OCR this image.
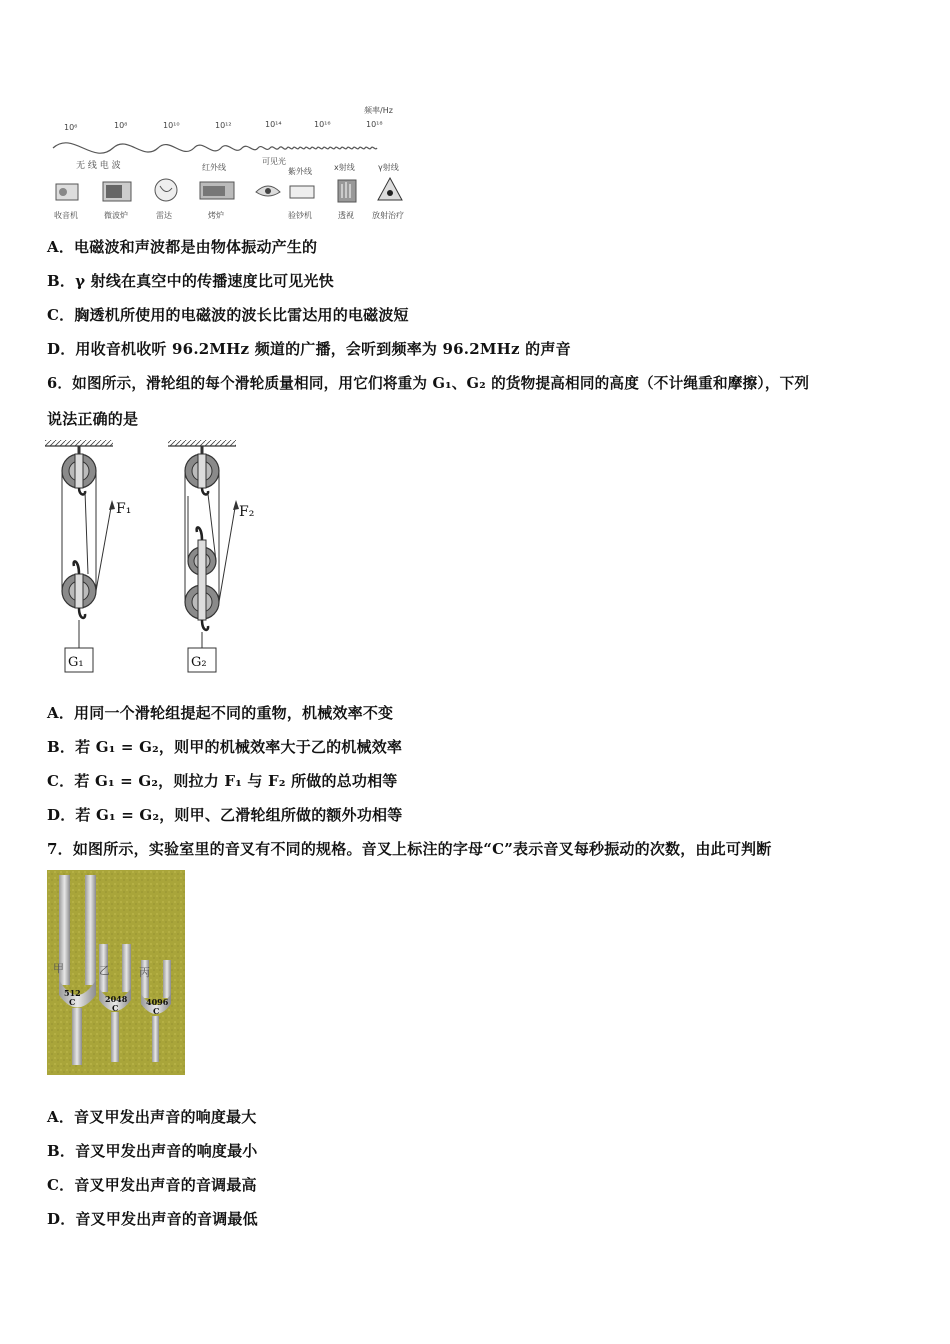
频率/Hz
10⁶	10⁸	10¹⁰	10¹²	10¹⁴	10¹⁶	10¹⁸
无 线 电 波	红外线
可见光
紫外线	x射线	γ射线
收音机	微波炉	雷达	烤炉	验钞机	透视 放射治疗
A．电磁波和声波都是由物体振动产生的
B．γ 射线在真空中的传播速度比可见光快
C．胸透机所使用的电磁波的波长比雷达用的电磁波短
D．用收音机收听 96.2MHz 频道的广播，会听到频率为 96.2MHz 的声音
6．如图所示，滑轮组的每个滑轮质量相同，用它们将重为 G₁、G₂ 的货物提高相同的高度（不计绳重和摩擦），下列
说法正确的是
F₁
G₁
F₂
G₂
A．用同一个滑轮组提起不同的重物，机械效率不变
B．若 G₁ = G₂，则甲的机械效率大于乙的机械效率
C．若 G₁ = G₂，则拉力 F₁ 与 F₂ 所做的总功相等
D．若 G₁ = G₂，则甲、乙滑轮组所做的额外功相等
7．如图所示，实验室里的音叉有不同的规格。音叉上标注的字母“C”表示音叉每秒振动的次数，由此可判断
甲	乙	丙
512
C	2048
C
4096
C
A．音叉甲发出声音的响度最大
B．音叉甲发出声音的响度最小
C．音叉甲发出声音的音调最高
D．音叉甲发出声音的音调最低
